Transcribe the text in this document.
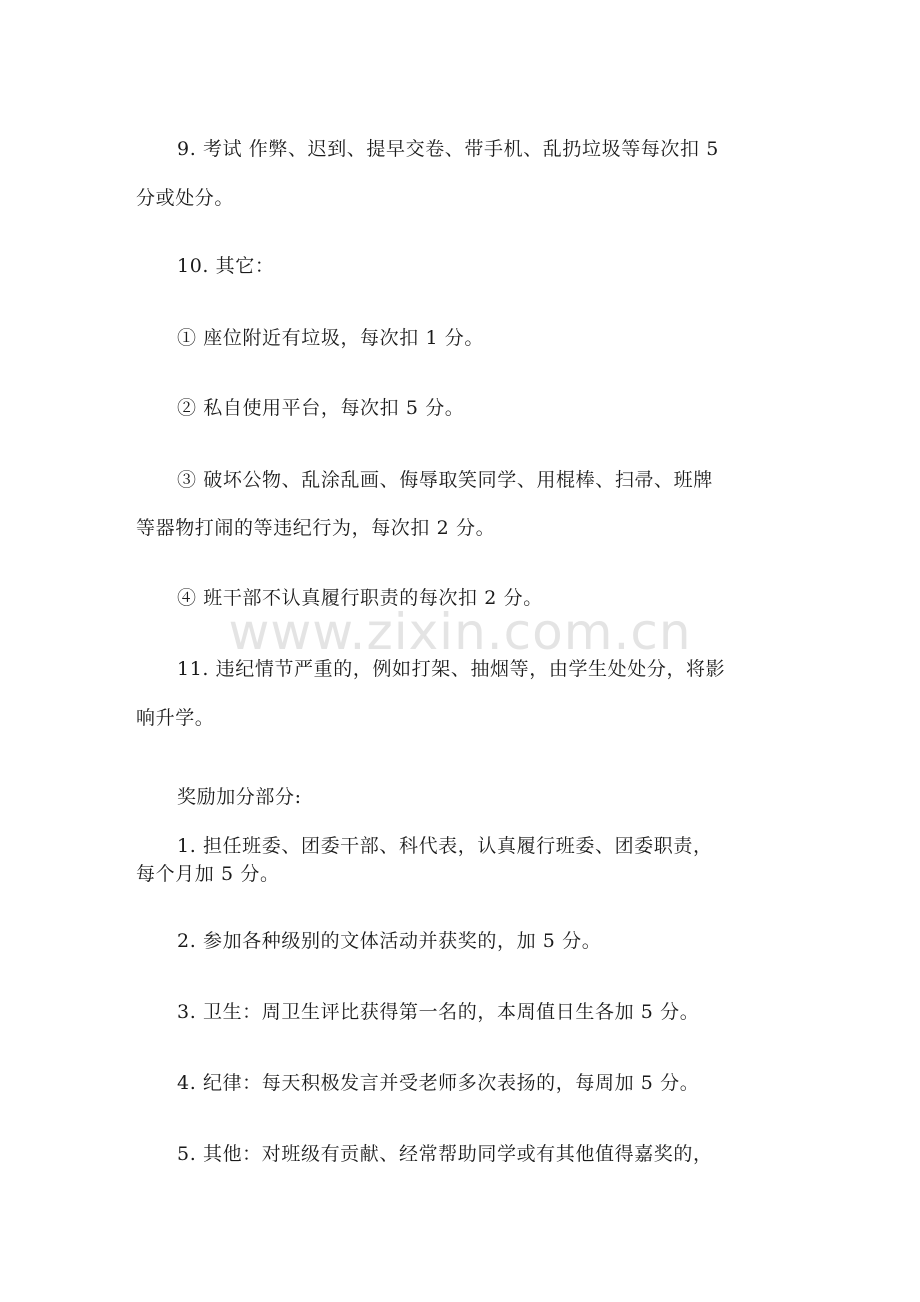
9. 考试 作弊、迟到、提早交卷、带手机、乱扔垃圾等每次扣 5
分或处分。
10. 其它：
① 座位附近有垃圾，每次扣 1 分。
② 私自使用平台，每次扣 5 分。
③ 破坏公物、乱涂乱画、侮辱取笑同学、用棍棒、扫帚、班牌
等器物打闹的等违纪行为，每次扣 2 分。
④ 班干部不认真履行职责的每次扣 2 分。
11. 违纪情节严重的，例如打架、抽烟等，由学生处处分，将影
响升学。
奖励加分部分:
1. 担任班委、团委干部、科代表，认真履行班委、团委职责，
每个月加 5 分。
2. 参加各种级别的文体活动并获奖的，加 5 分。
3. 卫生：周卫生评比获得第一名的，本周值日生各加 5 分。
4. 纪律：每天积极发言并受老师多次表扬的，每周加 5 分。
5. 其他：对班级有贡献、经常帮助同学或有其他值得嘉奖的，
www.zixin.com.cn
